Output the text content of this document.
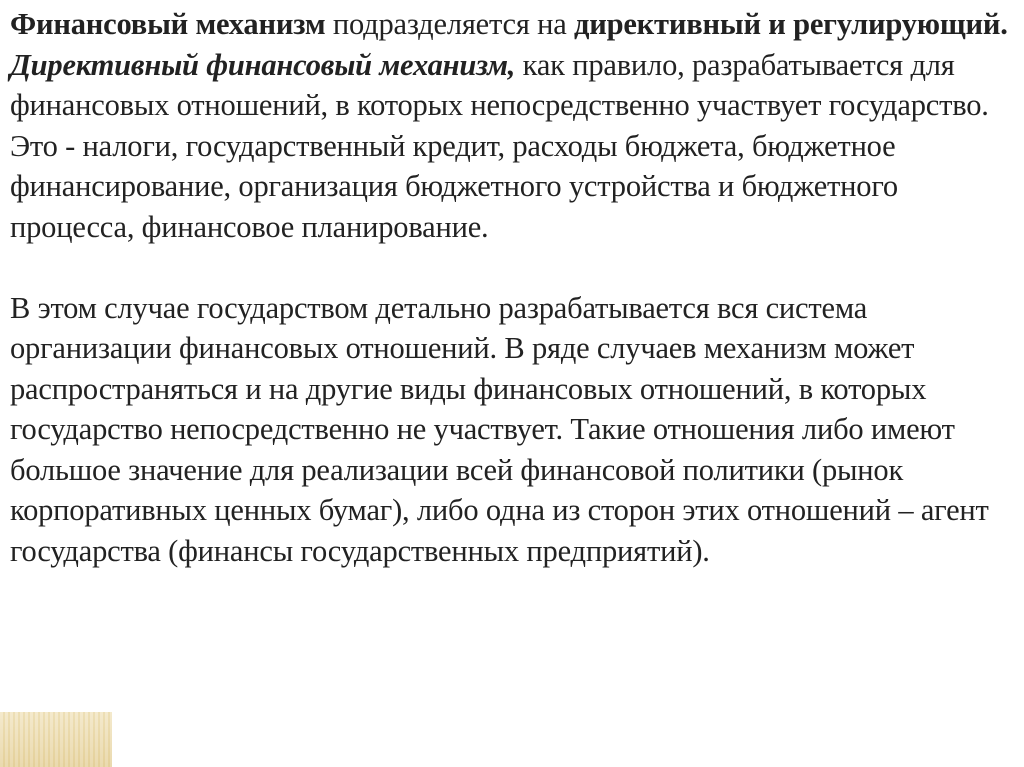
Финансовый механизм подразделяется на директивный и регулирующий.

Директивный финансовый механизм, как правило, разрабатывается для финансовых отношений, в которых непосредственно участвует государство.

Это - налоги, государственный кредит, расходы бюджета, бюджетное финансирование, организация бюджетного устройства и бюджетного процесса, финансовое планирование.

В этом случае государством детально разрабатывается вся система организации финансовых отношений. В ряде случаев механизм может распространяться и на другие виды финансовых отношений, в которых государство непосредственно не участвует. Такие отношения либо имеют большое значение для реализации всей финансовой политики (рынок корпоративных ценных бумаг), либо одна из сторон этих отношений – агент государства (финансы государственных предприятий).
